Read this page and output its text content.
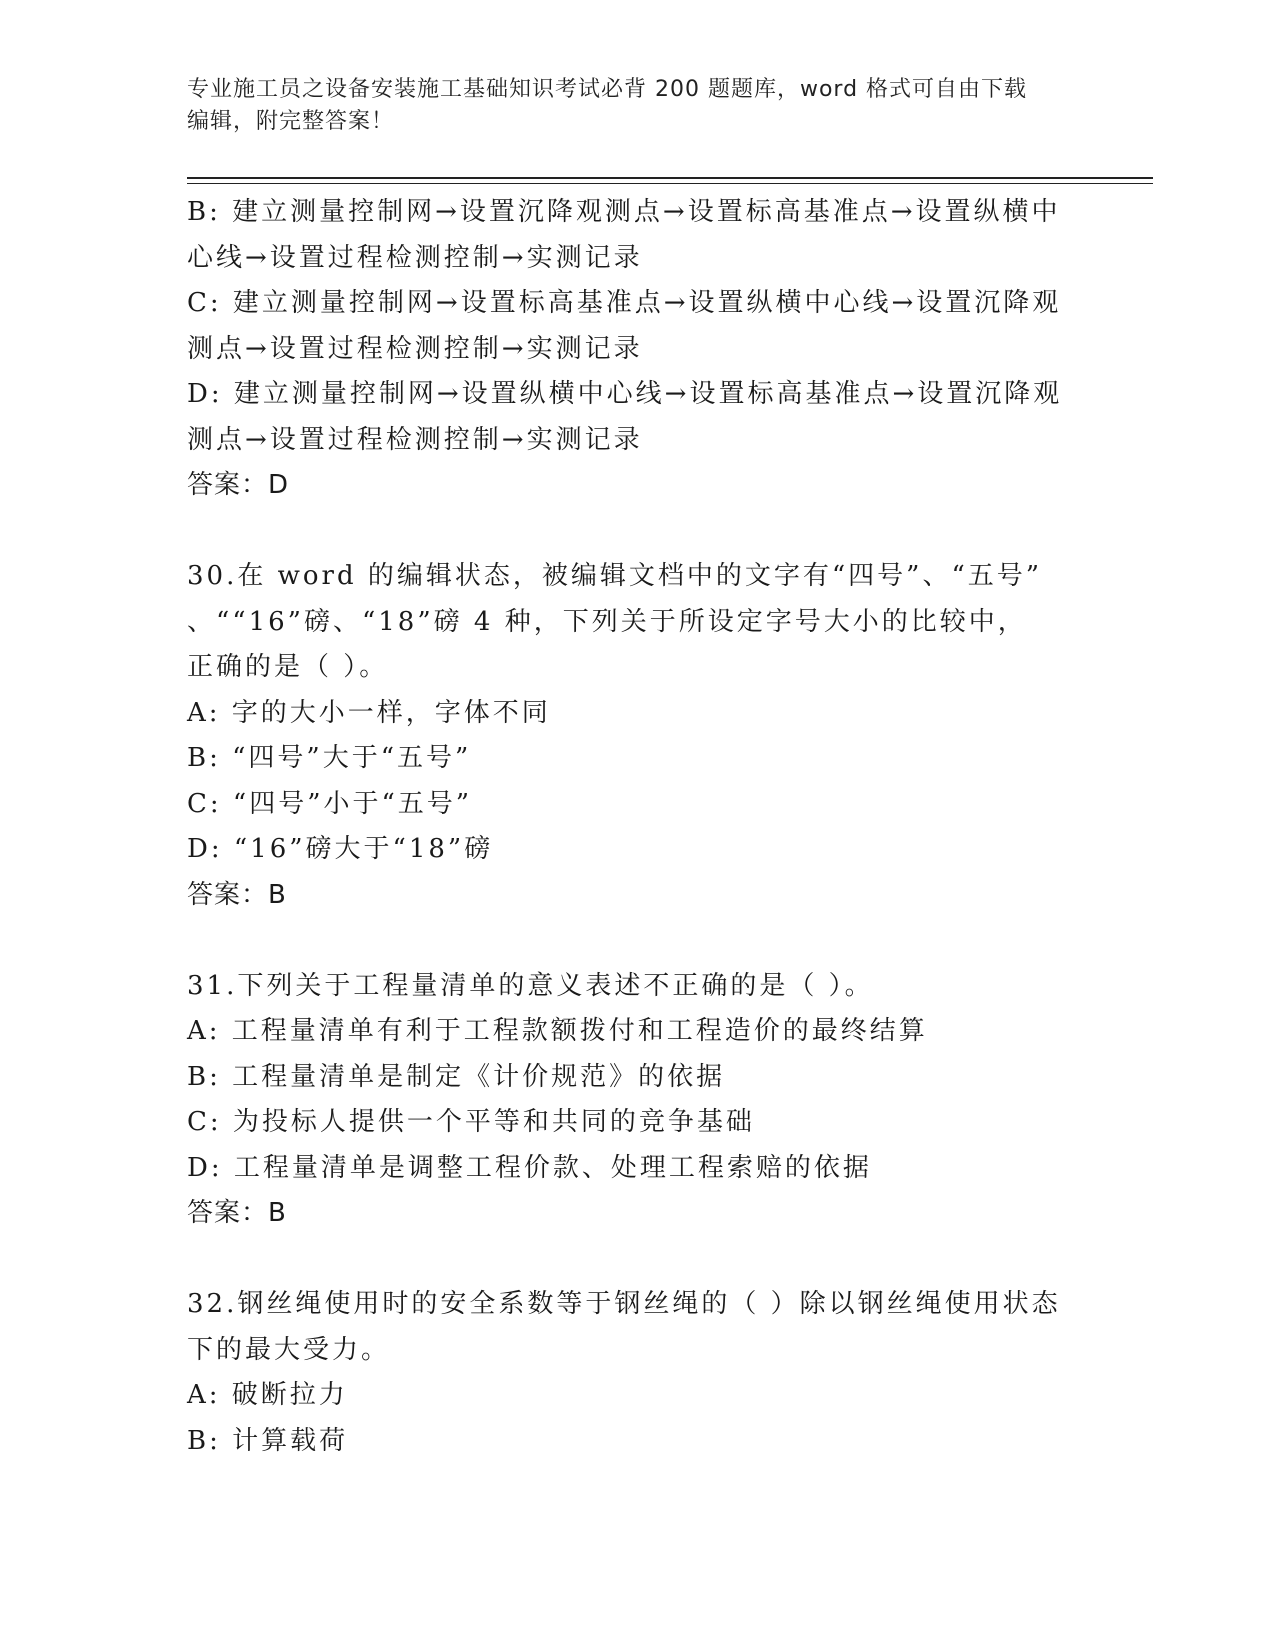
专业施工员之设备安装施工基础知识考试必背 200 题题库，word 格式可自由下载
编辑，附完整答案！
B: 建立测量控制网→设置沉降观测点→设置标高基准点→设置纵横中
心线→设置过程检测控制→实测记录
C: 建立测量控制网→设置标高基准点→设置纵横中心线→设置沉降观
测点→设置过程检测控制→实测记录
D: 建立测量控制网→设置纵横中心线→设置标高基准点→设置沉降观
测点→设置过程检测控制→实测记录
答案：D
30.在 word 的编辑状态，被编辑文档中的文字有“四号”、“五号”
、““16”磅、“18”磅 4 种，下列关于所设定字号大小的比较中，
正确的是（ ）。
A: 字的大小一样，字体不同
B: “四号”大于“五号”
C: “四号”小于“五号”
D: “16”磅大于“18”磅
答案：B
31.下列关于工程量清单的意义表述不正确的是（ ）。
A: 工程量清单有利于工程款额拨付和工程造价的最终结算
B: 工程量清单是制定《计价规范》的依据
C: 为投标人提供一个平等和共同的竞争基础
D: 工程量清单是调整工程价款、处理工程索赔的依据
答案：B
32.钢丝绳使用时的安全系数等于钢丝绳的（ ）除以钢丝绳使用状态
下的最大受力。
A: 破断拉力
B: 计算载荷
